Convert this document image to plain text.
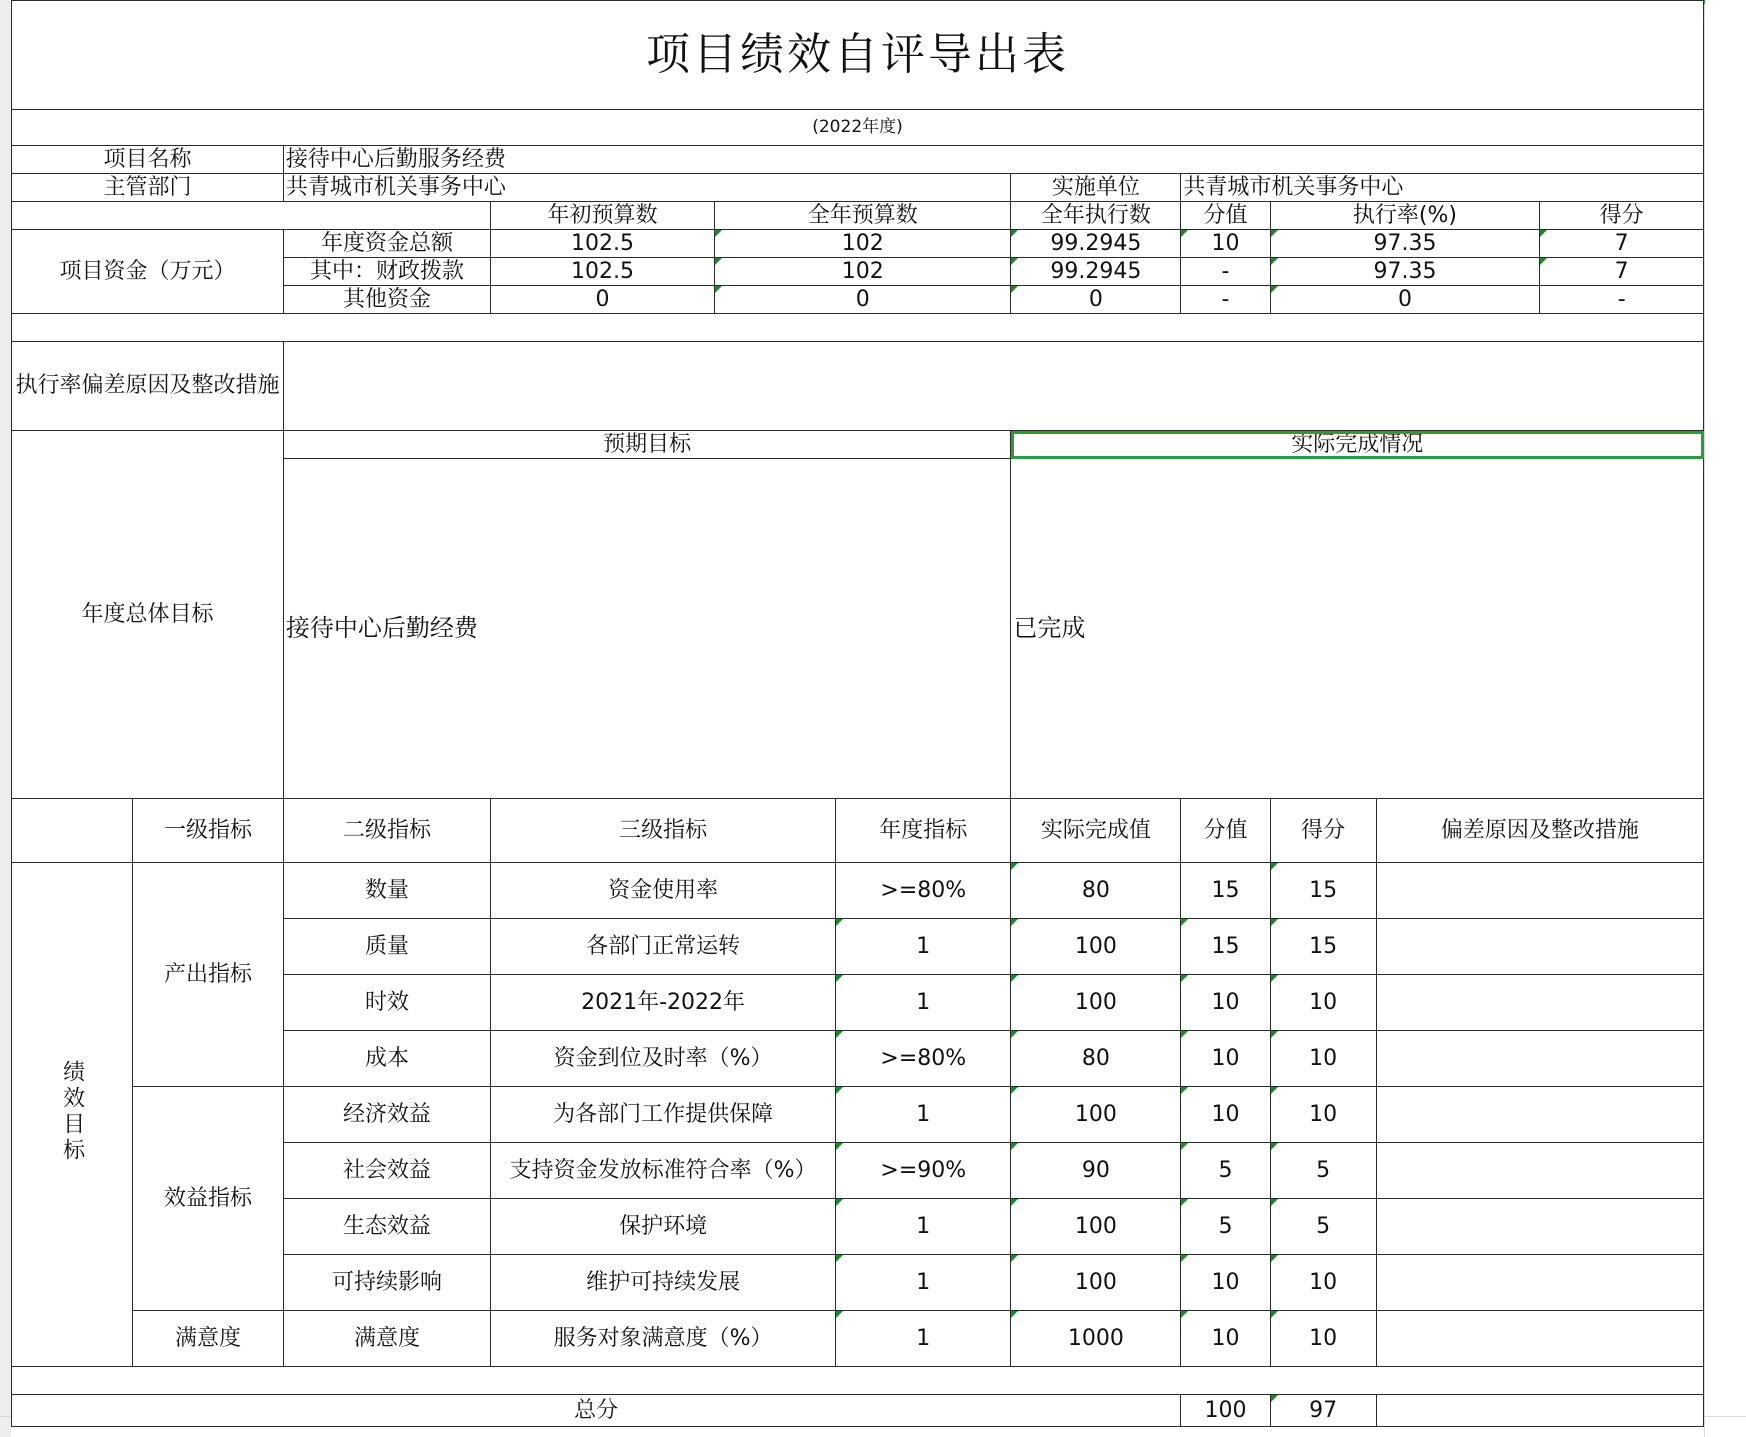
项目绩效自评导出表										
(2022年度)										
项目名称		接待中心后勤服务经费								
主管部门		共青城市机关事务中心				实施单位	共青城市机关事务中心			
			年初预算数	全年预算数		全年执行数	分值	执行率(%)		得分
项目资金（万元）		年度资金总额	102.5	102		99.2945	10	97.35		7
		其中：财政拨款	102.5	102		99.2945	-	97.35		7
		其他资金	0	0		0	-	0		-

执行率偏差原因及整改措施										
年度总体目标		预期目标				实际完成情况				
		接待中心后勤经费				已完成				
	一级指标	二级指标	三级指标		年度指标	实际完成值	分值	得分	偏差原因及整改措施	
绩效目标	产出指标	数量	资金使用率		>=80%	80	15	15		
		质量	各部门正常运转		1	100	15	15		
		时效	2021年-2022年		1	100	10	10		
		成本	资金到位及时率（%）		>=80%	80	10	10		
	效益指标	经济效益	为各部门工作提供保障		1	100	10	10		
		社会效益	支持资金发放标准符合率（%）		>=90%	90	5	5		
		生态效益	保护环境		1	100	5	5		
		可持续影响	维护可持续发展		1	100	10	10		
	满意度	满意度	服务对象满意度（%）		1	1000	10	10		

总分							100	97		
